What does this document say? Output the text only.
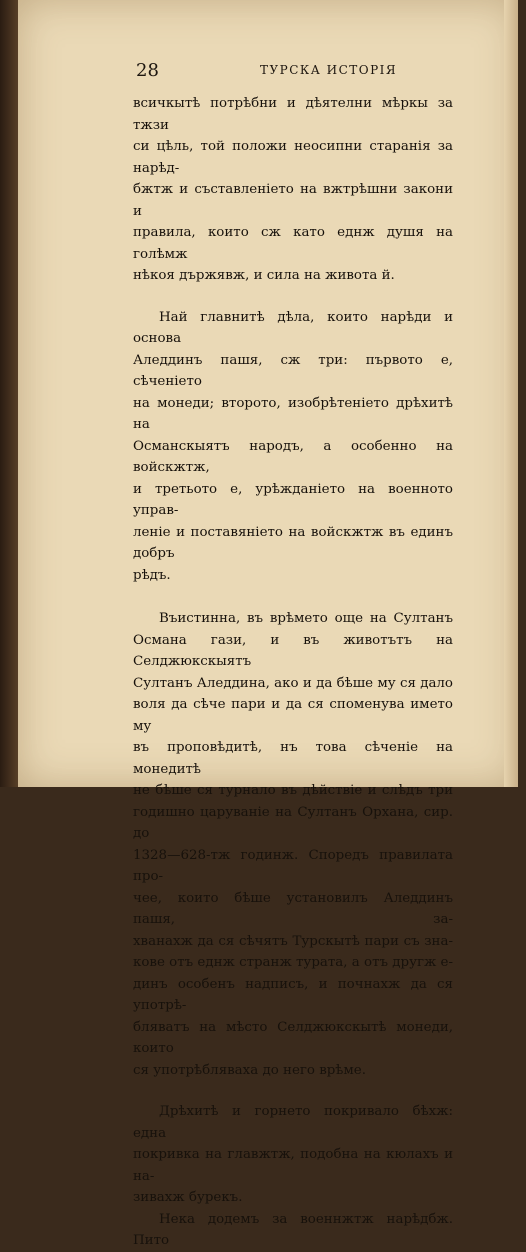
28	ТУРСКА ИСТОРІЯ
всичкытѣ потрѣбни и дѣятелни мѣркы за тжзи
си цѣль, той положи неосипни старанія за нарѣд-
бжтж и съставленіето на вжтрѣшни закони и
правила, които сж като еднж душя на голѣмж
нѣкоя държявж, и сила на живота й.
Най главнитѣ дѣла, които нарѣди и основа
Аледдинъ пашя, сж три: първото е, сѣченіето
на монеди; второто, изобрѣтеніето дрѣхитѣ на
Османскыятъ народъ, а особенно на войскжтж,
и третьото е, урѣжданіето на военното управ-
леніе и поставяніето на войскжтж въ единъ добръ
рѣдъ.
Въистинна, въ врѣмето още на Султанъ
Османа гази, и въ животътъ на Селджюкскыятъ
Султанъ Аледдина, ако и да бѣше му ся дало
воля да сѣче пари и да ся споменува името му
въ проповѣдитѣ, нъ това сѣченіе на монедитѣ
не бѣше ся турнало въ дѣйствіе и слѣдъ три
годишно царуваніе на Султанъ Орхана, сир. до
1328—628-тж годинж. Споредъ правилата про-
чее, които бѣше установилъ Аледдинъ пашя, за-
хванахж да ся сѣчятъ Турскытѣ пари съ зна-
кове отъ еднж странж турата, а отъ другж е-
динъ особенъ надписъ, и почнахж да ся употрѣ-
бляватъ на мѣсто Селджюкскытѣ монеди, които
ся употрѣбляваха до него врѣме.
Дрѣхитѣ и горнето покривало бѣхж: една
покривка на главжтж, подобна на кюлахъ и на-
зивахж бурекъ.
Нека додемъ за военнжтж нарѣдбж. Пито
